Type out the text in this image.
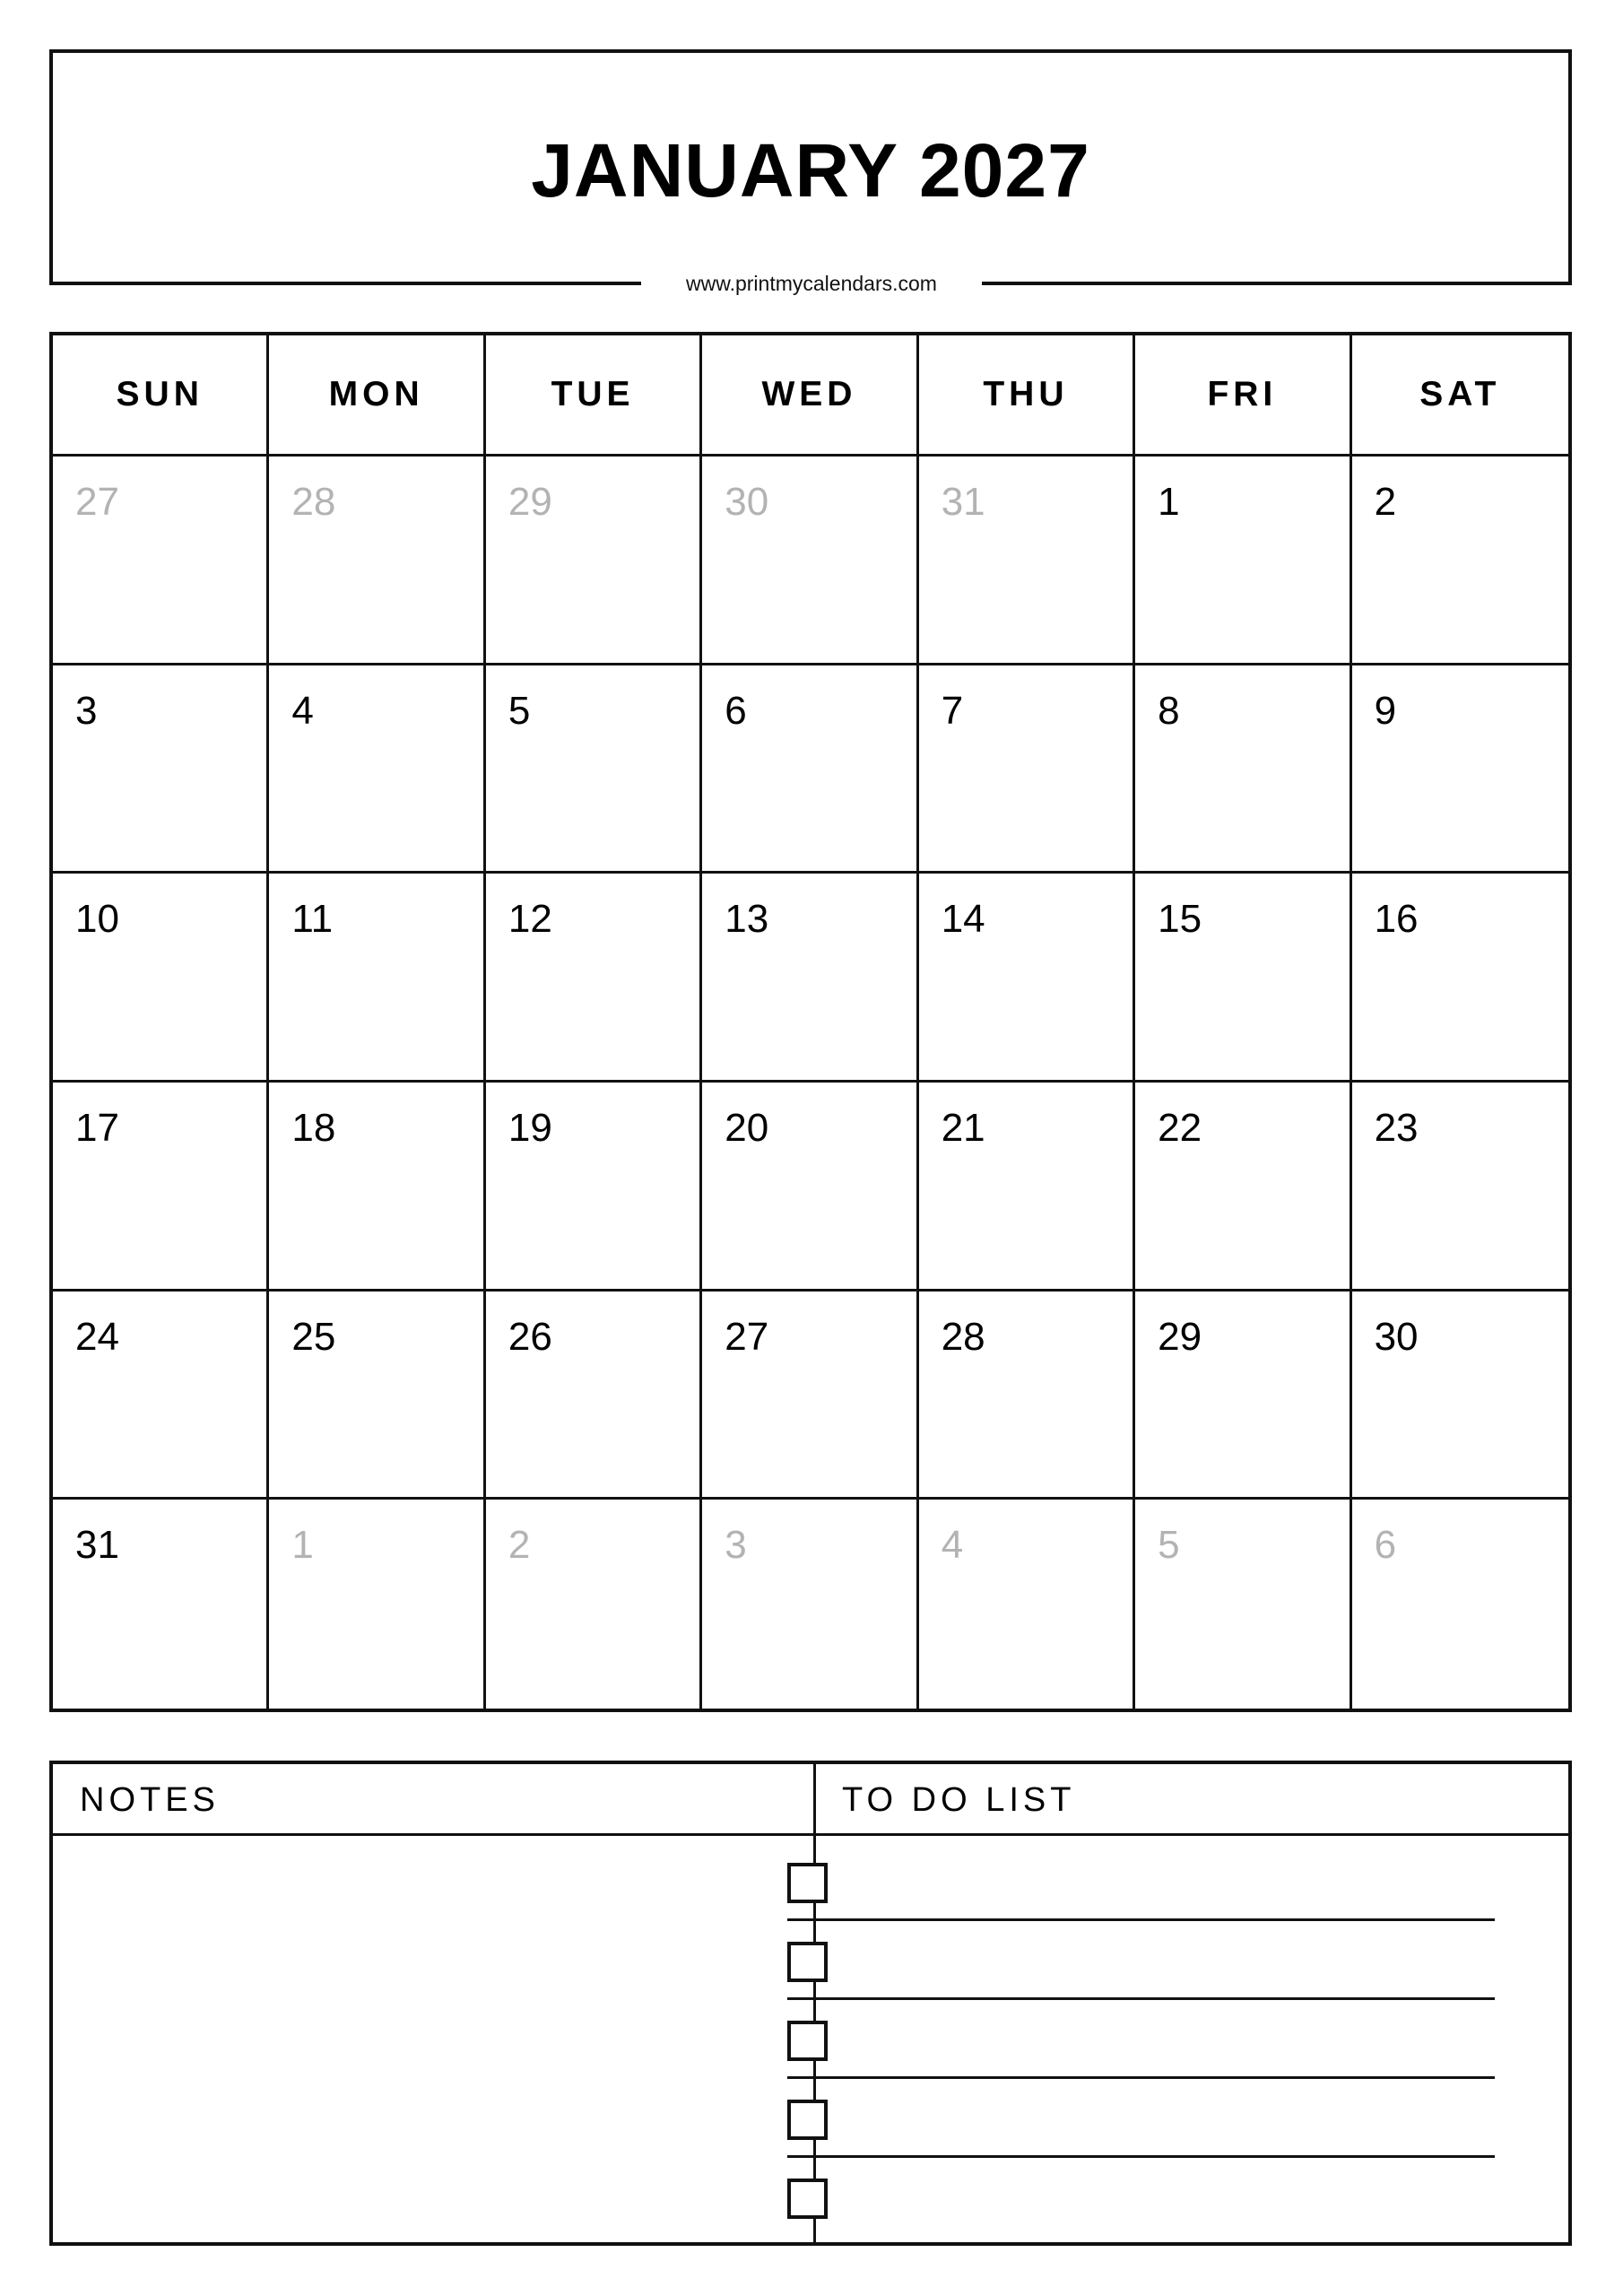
JANUARY 2027
www.printmycalendars.com
SUN	MON	TUE	WED	THU	FRI	SAT
27	28	29	30	31	1	2
3	4	5	6	7	8	9
10	11	12	13	14	15	16
17	18	19	20	21	22	23
24	25	26	27	28	29	30
31	1	2	3	4	5	6
NOTES	TO DO LIST
